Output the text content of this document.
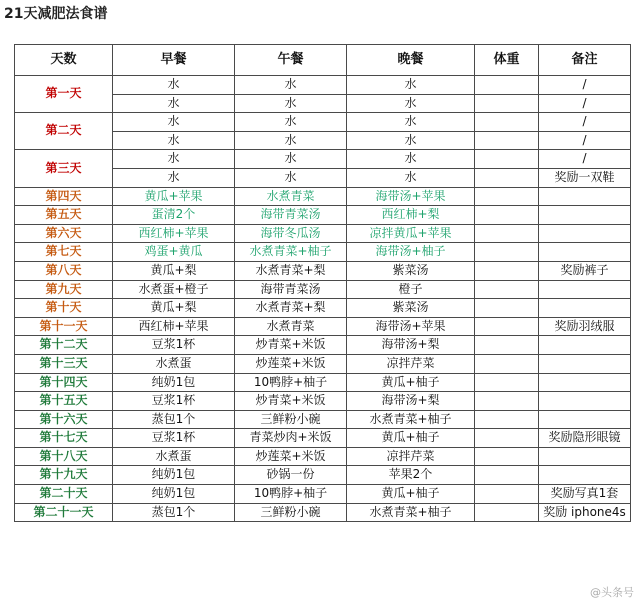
21天减肥法食谱
天数	早餐	午餐	晚餐	体重	备注
第一天	水	水	水		/
	水	水	水		/
第二天	水	水	水		/
	水	水	水		/
第三天	水	水	水		/
	水	水	水		奖励一双鞋
第四天	黄瓜+苹果	水煮青菜	海带汤+苹果		
第五天	蛋清2个	海带青菜汤	西红柿+梨		
第六天	西红柿+苹果	海带冬瓜汤	凉拌黄瓜+苹果		
第七天	鸡蛋+黄瓜	水煮青菜+柚子	海带汤+柚子		
第八天	黄瓜+梨	水煮青菜+梨	紫菜汤		奖励裤子
第九天	水煮蛋+橙子	海带青菜汤	橙子		
第十天	黄瓜+梨	水煮青菜+梨	紫菜汤		
第十一天	西红柿+苹果	水煮青菜	海带汤+苹果		奖励羽绒服
第十二天	豆浆1杯	炒青菜+米饭	海带汤+梨		
第十三天	水煮蛋	炒莲菜+米饭	凉拌芹菜		
第十四天	纯奶1包	10鸭脖+柚子	黄瓜+柚子		
第十五天	豆浆1杯	炒青菜+米饭	海带汤+梨		
第十六天	蒸包1个	三鲜粉小碗	水煮青菜+柚子		
第十七天	豆浆1杯	青菜炒肉+米饭	黄瓜+柚子		奖励隐形眼镜
第十八天	水煮蛋	炒莲菜+米饭	凉拌芹菜		
第十九天	纯奶1包	砂锅一份	苹果2个		
第二十天	纯奶1包	10鸭脖+柚子	黄瓜+柚子		奖励写真1套
第二十一天	蒸包1个	三鲜粉小碗	水煮青菜+柚子		奖励 iphone4s
@头条号
